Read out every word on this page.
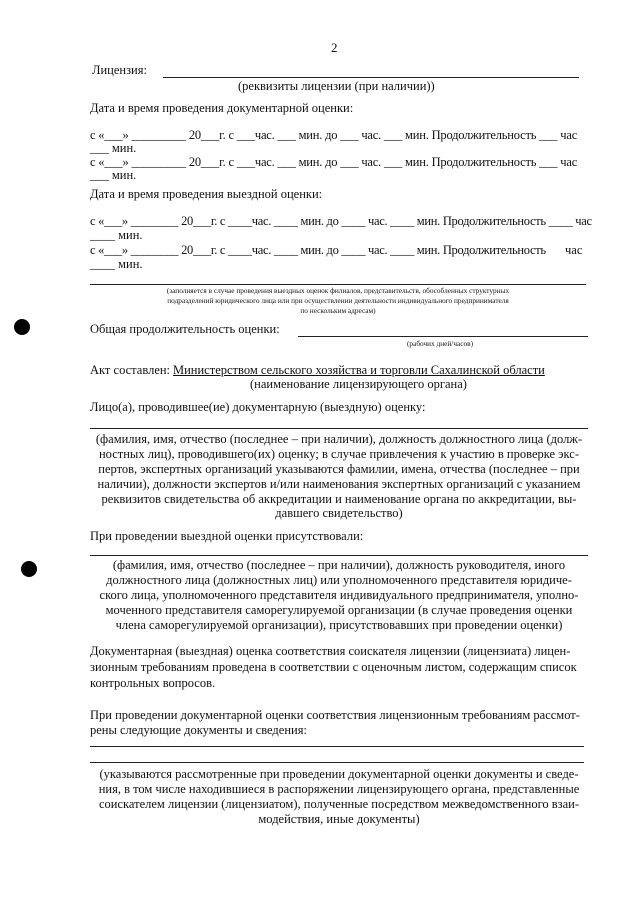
2
Лицензия:
(реквизиты лицензии (при наличии))
Дата и время проведения документарной оценки:
с «___» _________ 20___г. с ___час. ___ мин. до ___ час. ___ мин. Продолжительность ___ час
___ мин.
с «___» _________ 20___г. с ___час. ___ мин. до ___ час. ___ мин. Продолжительность ___ час
___ мин.
Дата и время проведения выездной оценки:
с «___» ________ 20___г. с ____час. ____ мин. до ____ час. ____ мин. Продолжительность ____ час
____ мин.
с «___» ________ 20___г. с ____час. ____ мин. до ____ час. ____ мин. Продолжительность час
____ мин.
(заполняется в случае проведения выездных оценок филиалов, представительств, обособленных структурных
подразделений юридического лица или при осуществлении деятельности индивидуального предпринимателя
по нескольким адресам)
Общая продолжительность оценки:
(рабочих дней/часов)
Акт составлен: Министерством сельского хозяйства и торговли Сахалинской области
(наименование лицензирующего органа)
Лицо(а), проводившее(ие) документарную (выездную) оценку:
(фамилия, имя, отчество (последнее – при наличии), должность должностного лица (долж-
ностных лиц), проводившего(их) оценку; в случае привлечения к участию в проверке экс-
пертов, экспертных организаций указываются фамилии, имена, отчества (последнее – при
наличии), должности экспертов и/или наименования экспертных организаций с указанием
реквизитов свидетельства об аккредитации и наименование органа по аккредитации, вы-
давшего свидетельство)
При проведении выездной оценки присутствовали:
(фамилия, имя, отчество (последнее – при наличии), должность руководителя, иного
должностного лица (должностных лиц) или уполномоченного представителя юридиче-
ского лица, уполномоченного представителя индивидуального предпринимателя, уполно-
моченного представителя саморегулируемой организации (в случае проведения оценки
члена саморегулируемой организации), присутствовавших при проведении оценки)
Документарная (выездная) оценка соответствия соискателя лицензии (лицензиата) лицен-
зионным требованиям проведена в соответствии с оценочным листом, содержащим список
контрольных вопросов.
При проведении документарной оценки соответствия лицензионным требованиям рассмот-
рены следующие документы и сведения:
(указываются рассмотренные при проведении документарной оценки документы и сведе-
ния, в том числе находившиеся в распоряжении лицензирующего органа, представленные
соискателем лицензии (лицензиатом), полученные посредством межведомственного взаи-
модействия, иные документы)
